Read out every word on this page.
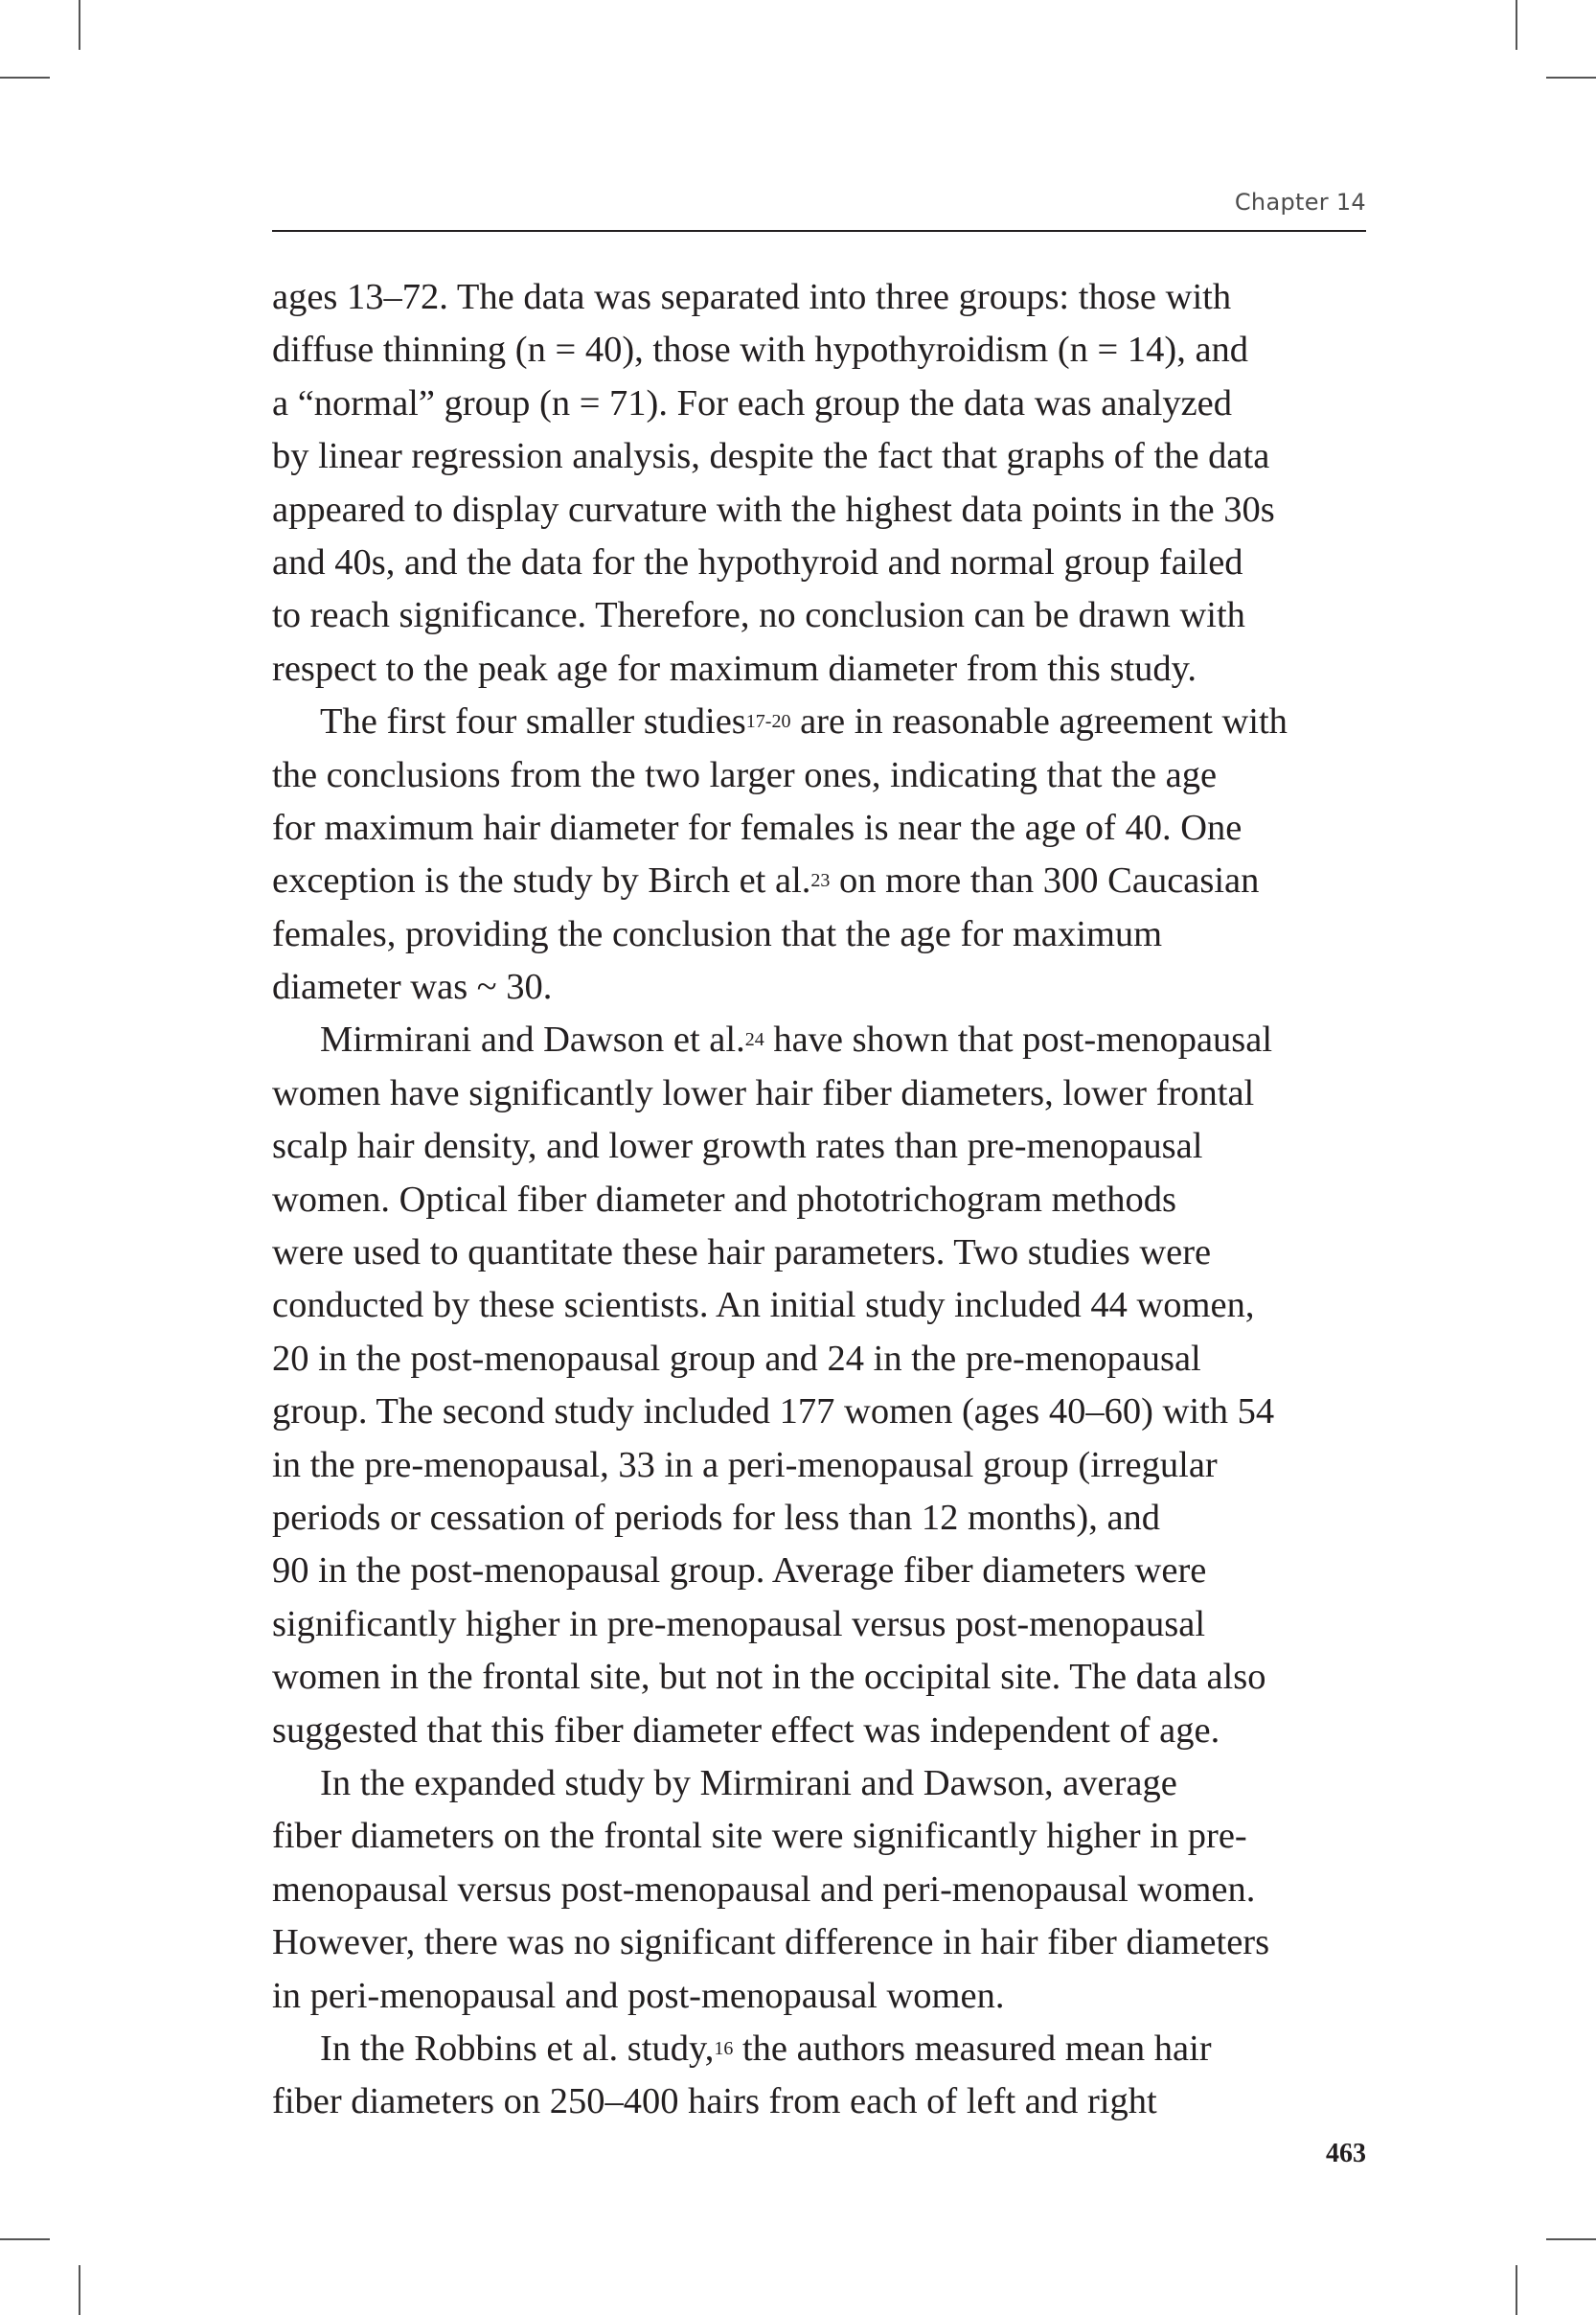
Chapter 14
ages 13–72. The data was separated into three groups: those with
diffuse thinning (n = 40), those with hypothyroidism (n = 14), and
a “normal” group (n = 71). For each group the data was analyzed
by linear regression analysis, despite the fact that graphs of the data
appeared to display curvature with the highest data points in the 30s
and 40s, and the data for the hypothyroid and normal group failed
to reach significance. Therefore, no conclusion can be drawn with
respect to the peak age for maximum diameter from this study.
The first four smaller studies$^{17-20}$ are in reasonable agreement with
the conclusions from the two larger ones, indicating that the age
for maximum hair diameter for females is near the age of 40. One
exception is the study by Birch et al.$^{23}$ on more than 300 Caucasian
females, providing the conclusion that the age for maximum
diameter was ~ 30.
Mirmirani and Dawson et al.$^{24}$ have shown that post-menopausal
women have significantly lower hair fiber diameters, lower frontal
scalp hair density, and lower growth rates than pre-menopausal
women. Optical fiber diameter and phototrichogram methods
were used to quantitate these hair parameters. Two studies were
conducted by these scientists. An initial study included 44 women,
20 in the post-menopausal group and 24 in the pre-menopausal
group. The second study included 177 women (ages 40–60) with 54
in the pre-menopausal, 33 in a peri-menopausal group (irregular
periods or cessation of periods for less than 12 months), and
90 in the post-menopausal group. Average fiber diameters were
significantly higher in pre-menopausal versus post-menopausal
women in the frontal site, but not in the occipital site. The data also
suggested that this fiber diameter effect was independent of age.
In the expanded study by Mirmirani and Dawson, average
fiber diameters on the frontal site were significantly higher in pre-
menopausal versus post-menopausal and peri-menopausal women.
However, there was no significant difference in hair fiber diameters
in peri-menopausal and post-menopausal women.
In the Robbins et al. study,$^{16}$ the authors measured mean hair
fiber diameters on 250–400 hairs from each of left and right
463
